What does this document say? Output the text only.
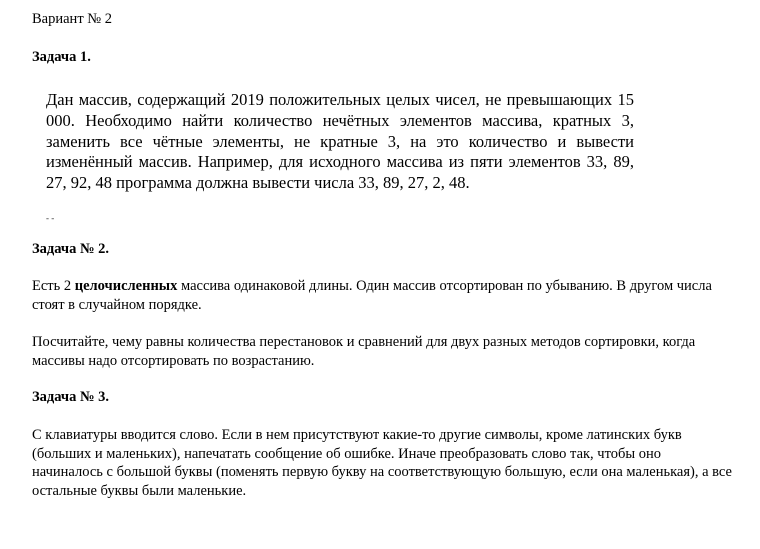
Вариант № 2
Задача 1.
Дан массив, содержащий 2019 положительных целых чисел, не превышающих 15 000. Необходимо найти количество нечётных элементов массива, кратных 3, заменить все чётные элементы, не кратные 3, на это количество и вывести изменённый массив. Например, для исходного массива из пяти элементов 33, 89, 27, 92, 48 программа должна вывести числа 33, 89, 27, 2, 48.
- -
Задача № 2.
Есть 2 целочисленных массива одинаковой длины. Один массив отсортирован по убыванию. В другом числа стоят в случайном порядке.
Посчитайте, чему равны количества перестановок и сравнений для двух разных методов сортировки, когда массивы надо отсортировать по возрастанию.
Задача № 3.
С клавиатуры вводится слово. Если в нем присутствуют какие-то другие символы, кроме латинских букв (больших и маленьких), напечатать сообщение об ошибке. Иначе преобразовать слово так, чтобы оно начиналось с большой буквы (поменять первую букву на соответствующую большую, если она маленькая), а все остальные буквы были маленькие.
